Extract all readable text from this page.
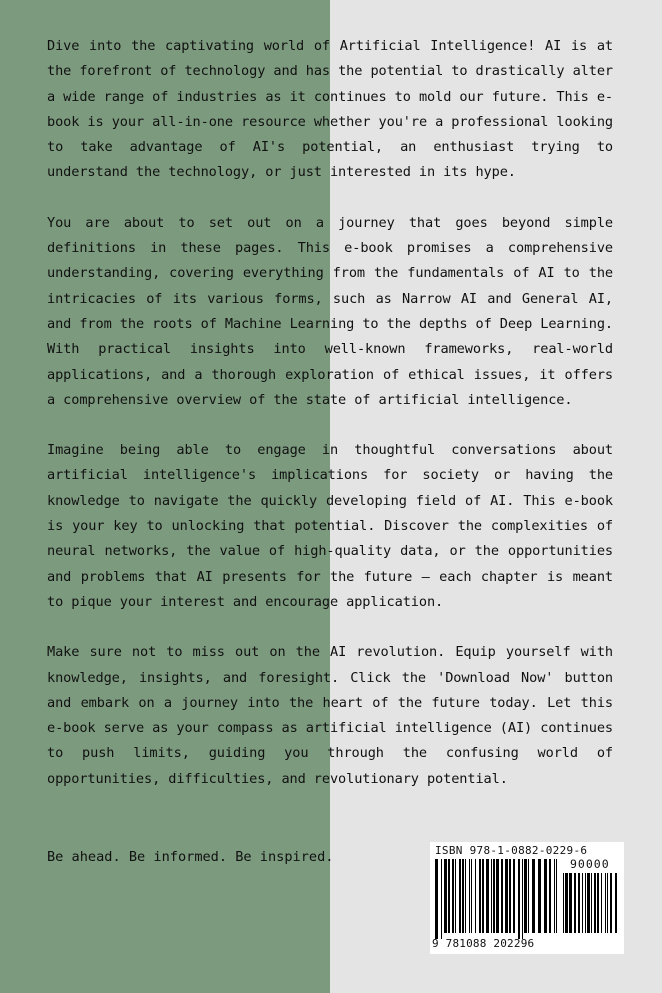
Dive into the captivating world of Artificial Intelligence! AI is at the forefront of technology and has the potential to drastically alter a wide range of industries as it continues to mold our future. This e-book is your all-in-one resource whether you're a professional looking to take advantage of AI's potential, an enthusiast trying to understand the technology, or just interested in its hype.

You are about to set out on a journey that goes beyond simple definitions in these pages. This e-book promises a comprehensive understanding, covering everything from the fundamentals of AI to the intricacies of its various forms, such as Narrow AI and General AI, and from the roots of Machine Learning to the depths of Deep Learning. With practical insights into well-known frameworks, real-world applications, and a thorough exploration of ethical issues, it offers a comprehensive overview of the state of artificial intelligence.

Imagine being able to engage in thoughtful conversations about artificial intelligence's implications for society or having the knowledge to navigate the quickly developing field of AI. This e-book is your key to unlocking that potential. Discover the complexities of neural networks, the value of high-quality data, or the opportunities and problems that AI presents for the future – each chapter is meant to pique your interest and encourage application.

Make sure not to miss out on the AI revolution. Equip yourself with knowledge, insights, and foresight. Click the 'Download Now' button and embark on a journey into the heart of the future today. Let this e-book serve as your compass as artificial intelligence (AI) continues to push limits, guiding you through the confusing world of opportunities, difficulties, and revolutionary potential.

Be ahead. Be informed. Be inspired.	ISBN 978-1-0882-0229-6
90000
9 781088 202296
